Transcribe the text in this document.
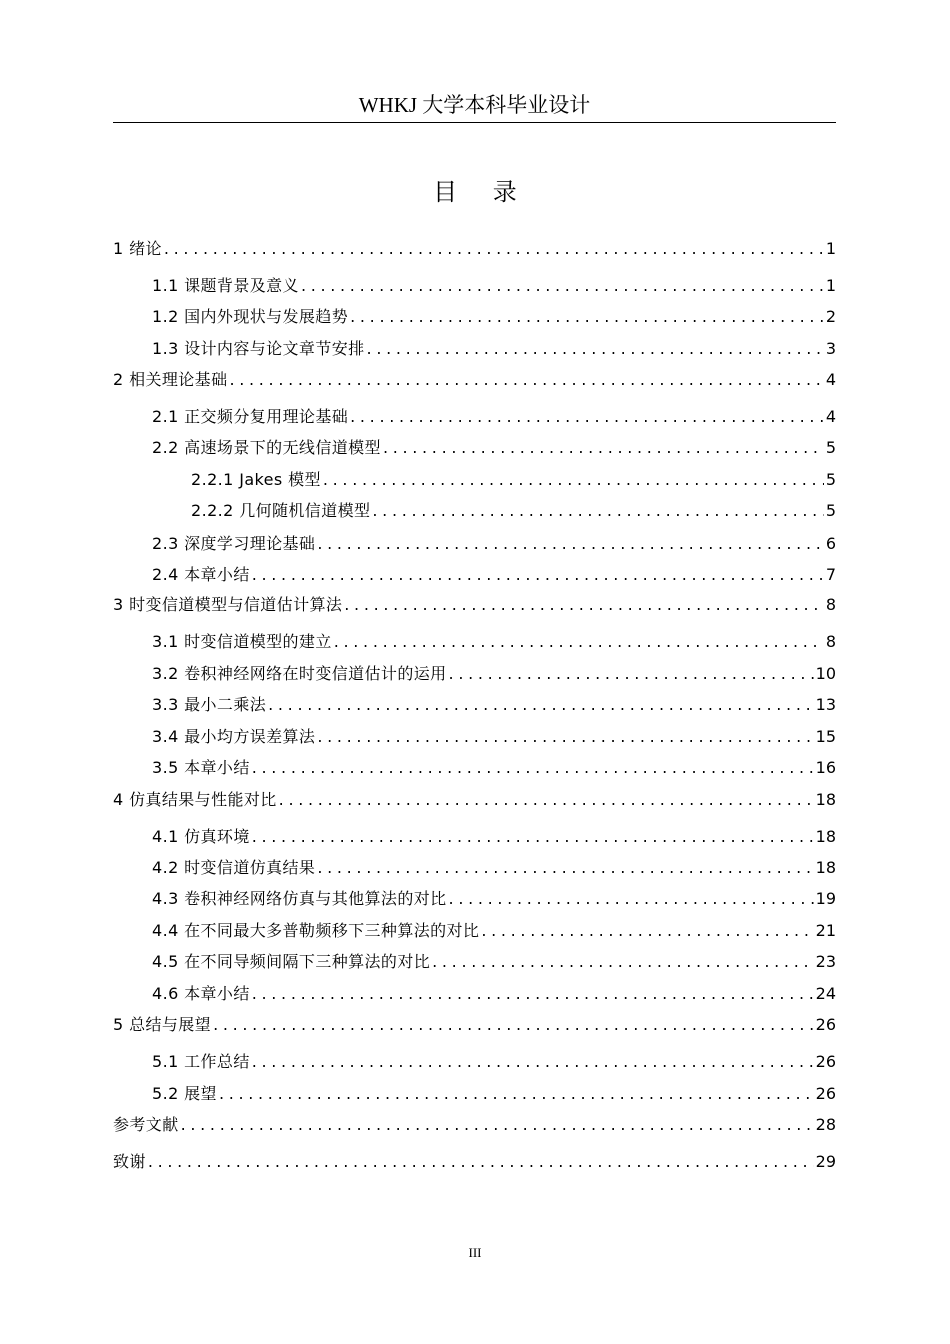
WHKJ 大学本科毕业设计
目 录
1 绪论 . . .	1
1.1 课题背景及意义 . . .	1
1.2 国内外现状与发展趋势 . . .	2
1.3 设计内容与论文章节安排 . . .	3
2 相关理论基础 . . .	4
2.1 正交频分复用理论基础 . . .	4
2.2 高速场景下的无线信道模型 . . .	5
2.2.1 Jakes 模型 . . .	5
2.2.2 几何随机信道模型 . . .	5
2.3 深度学习理论基础 . . .	6
2.4 本章小结 . . .	7
3 时变信道模型与信道估计算法 . . .	8
3.1 时变信道模型的建立 . . .	8
3.2 卷积神经网络在时变信道估计的运用 . . .	10
3.3 最小二乘法 . . .	13
3.4 最小均方误差算法 . . .	15
3.5 本章小结 . . .	16
4 仿真结果与性能对比 . . .	18
4.1 仿真环境 . . .	18
4.2 时变信道仿真结果 . . .	18
4.3 卷积神经网络仿真与其他算法的对比 . . .	19
4.4 在不同最大多普勒频移下三种算法的对比 . . .	21
4.5 在不同导频间隔下三种算法的对比 . . .	23
4.6 本章小结 . . .	24
5 总结与展望 . . .	26
5.1 工作总结 . . .	26
5.2 展望 . . .	26
参考文献 . . .	28
致谢 . . .	29
III
